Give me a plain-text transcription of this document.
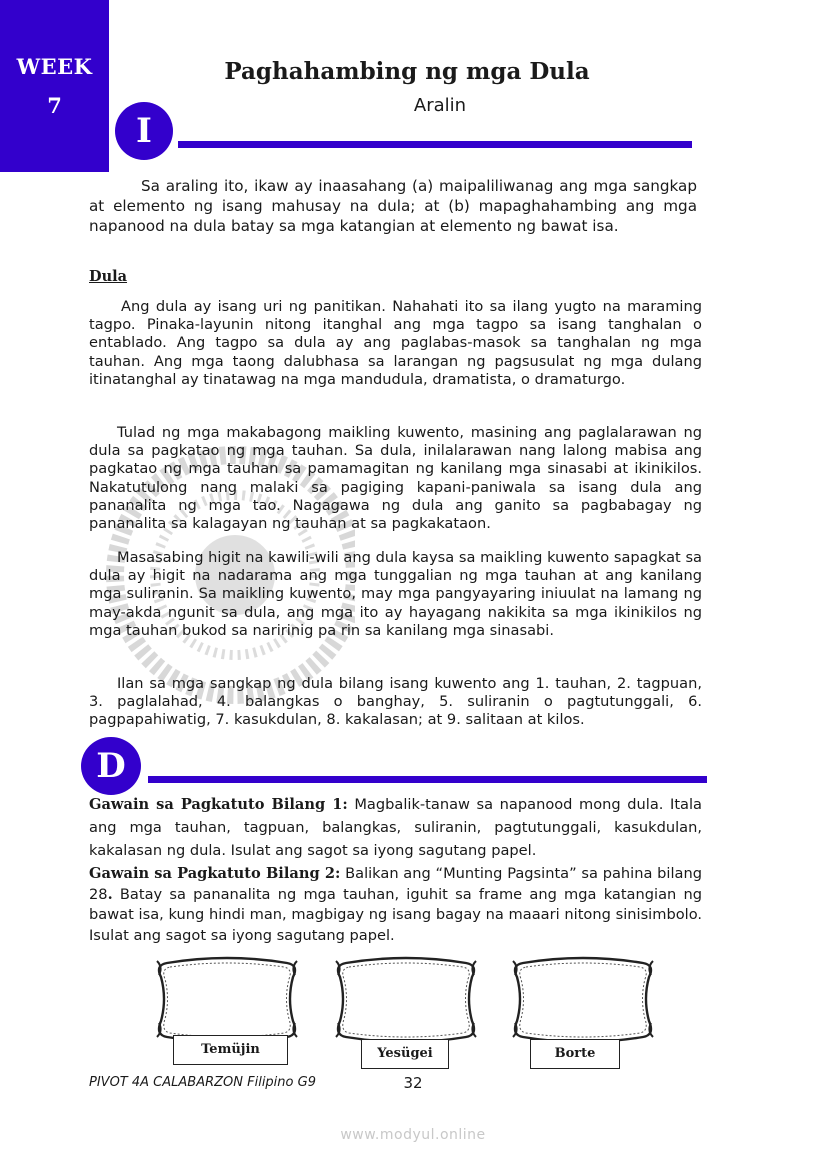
WEEK
7
Paghahambing ng mga Dula
Aralin
I

Sa araling ito, ikaw ay inaasahang (a) maipaliliwanag ang mga sangkap at elemento ng isang mahusay na dula; at (b) mapaghahambing ang mga napanood na dula batay sa mga katangian at elemento ng bawat isa.

Dula

Ang dula ay isang uri ng panitikan. Nahahati ito sa ilang yugto na maraming tagpo. Pinaka-layunin nitong itanghal ang mga tagpo sa isang tanghalan o entablado. Ang tagpo sa dula ay ang paglabas-masok sa tanghalan ng mga tauhan. Ang mga taong dalubhasa sa larangan ng pagsusulat ng mga dulang itinatanghal ay tinatawag na mga mandudula, dramatista, o dramaturgo.

Tulad ng mga makabagong maikling kuwento, masining ang paglalarawan ng dula sa pagkatao ng mga tauhan. Sa dula, inilalarawan nang lalong mabisa ang pagkatao ng mga tauhan sa pamamagitan ng kanilang mga sinasabi at ikinikilos. Nakatutulong nang malaki sa pagiging kapani-paniwala sa isang dula ang pananalita ng mga tao. Nagagawa ng dula ang ganito sa pagbabagay ng pananalita sa kalagayan ng tauhan at sa pagkakataon.

Masasabing higit na kawili-wili ang dula kaysa sa maikling kuwento sapagkat sa dula ay higit na nadarama ang mga tunggalian ng mga tauhan at ang kanilang mga suliranin. Sa maikling kuwento, may mga pangyayaring iniuulat na lamang ng may-akda ngunit sa dula, ang mga ito ay hayagang nakikita sa mga ikinikilos ng mga tauhan bukod sa naririnig pa rin sa kanilang mga sinasabi.

Ilan sa mga sangkap ng dula bilang isang kuwento ang 1. tauhan, 2. tagpuan, 3. paglalahad, 4. balangkas o banghay, 5. suliranin o pagtutunggali, 6. pagpapahiwatig, 7. kasukdulan, 8. kakalasan; at 9. salitaan at kilos.

D

Gawain sa Pagkatuto Bilang 1: Magbalik-tanaw sa napanood mong dula. Itala ang mga tauhan, tagpuan, balangkas, suliranin, pagtutunggali, kasukdulan, kakalasan ng dula. Isulat ang sagot sa iyong sagutang papel.

Gawain sa Pagkatuto Bilang 2: Balikan ang “Munting Pagsinta” sa pahina bilang 28. Batay sa pananalita ng mga tauhan, iguhit sa frame ang mga katangian ng bawat isa, kung hindi man, magbigay ng isang bagay na maaari nitong sinisimbolo. Isulat ang sagot sa iyong sagutang papel.

Temüjin	Yesügei	Borte
PIVOT 4A CALABARZON Filipino G9	32
www.modyul.online
